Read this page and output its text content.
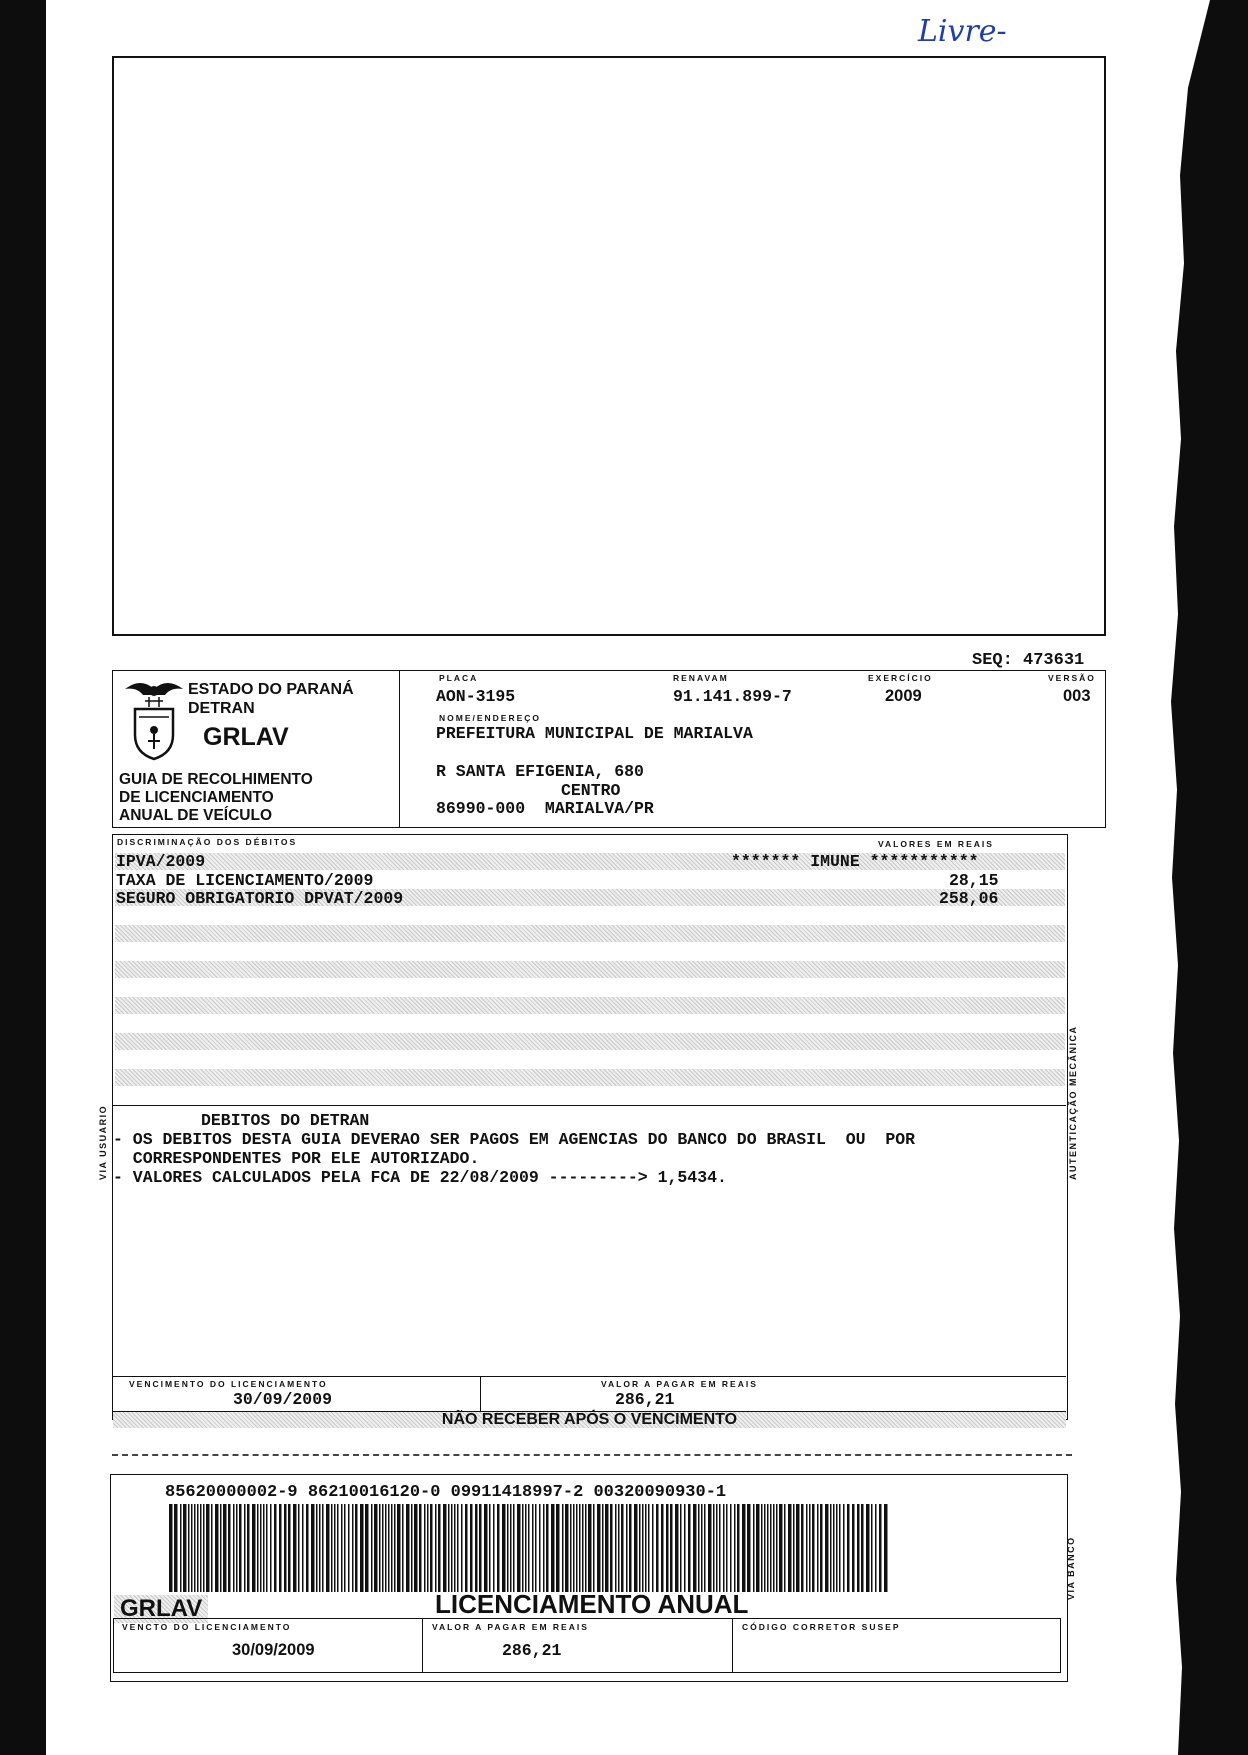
Livre-
SEQ: 473631
ESTADO DO PARANÁ
DETRAN
GRLAV
GUIA DE RECOLHIMENTO
DE LICENCIAMENTO
ANUAL DE VEÍCULO
PLACA
AON-3195
RENAVAM
91.141.899-7
EXERCÍCIO
2009
VERSÃO
003
NOME/ENDEREÇO
PREFEITURA MUNICIPAL DE MARIALVA
R SANTA EFIGENIA, 680
CENTRO
86990-000  MARIALVA/PR
DISCRIMINAÇÃO DOS DÉBITOS	VALORES EM REAIS
IPVA/2009	******* IMUNE ***********
TAXA DE LICENCIAMENTO/2009	28,15
SEGURO OBRIGATORIO DPVAT/2009	258,06
DEBITOS DO DETRAN
- OS DEBITOS DESTA GUIA DEVERAO SER PAGOS EM AGENCIAS DO BANCO DO BRASIL  OU  POR
CORRESPONDENTES POR ELE AUTORIZADO.
- VALORES CALCULADOS PELA FCA DE 22/08/2009 ---------> 1,5434.
VENCIMENTO DO LICENCIAMENTO
30/09/2009
VALOR A PAGAR EM REAIS
286,21
NÃO RECEBER APÓS O VENCIMENTO
VIA USUARIO	AUTENTICAÇÃO MECÂNICA
85620000002-9 86210016120-0 09911418997-2 00320090930-1
GRLAV	LICENCIAMENTO ANUAL
VENCTO DO LICENCIAMENTO
30/09/2009
VALOR A PAGAR EM REAIS
286,21
CÓDIGO CORRETOR SUSEP
VIA BANCO
